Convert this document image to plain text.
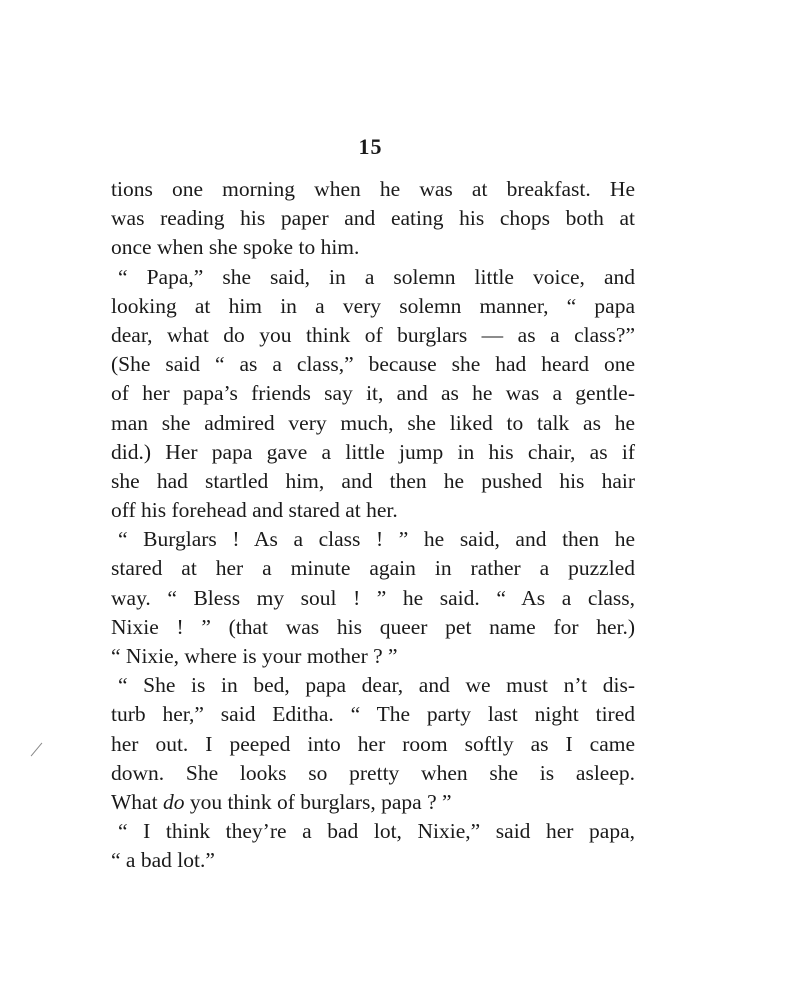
15
tions one morning when he was at breakfast. He
was reading his paper and eating his chops both at
once when she spoke to him.
“ Papa,” she said, in a solemn little voice, and
looking at him in a very solemn manner, “ papa
dear, what do you think of burglars — as a class?”
(She said “ as a class,” because she had heard one
of her papa’s friends say it, and as he was a gentle-
man she admired very much, she liked to talk as he
did.) Her papa gave a little jump in his chair, as if
she had startled him, and then he pushed his hair
off his forehead and stared at her.
“ Burglars ! As a class ! ” he said, and then he
stared at her a minute again in rather a puzzled
way. “ Bless my soul ! ” he said. “ As a class,
Nixie ! ” (that was his queer pet name for her.)
“ Nixie, where is your mother ? ”
“ She is in bed, papa dear, and we must n’t dis-
turb her,” said Editha. “ The party last night tired
her out. I peeped into her room softly as I came
down. She looks so pretty when she is asleep.
What do you think of burglars, papa ? ”
“ I think they’re a bad lot, Nixie,” said her papa,
“ a bad lot.”
